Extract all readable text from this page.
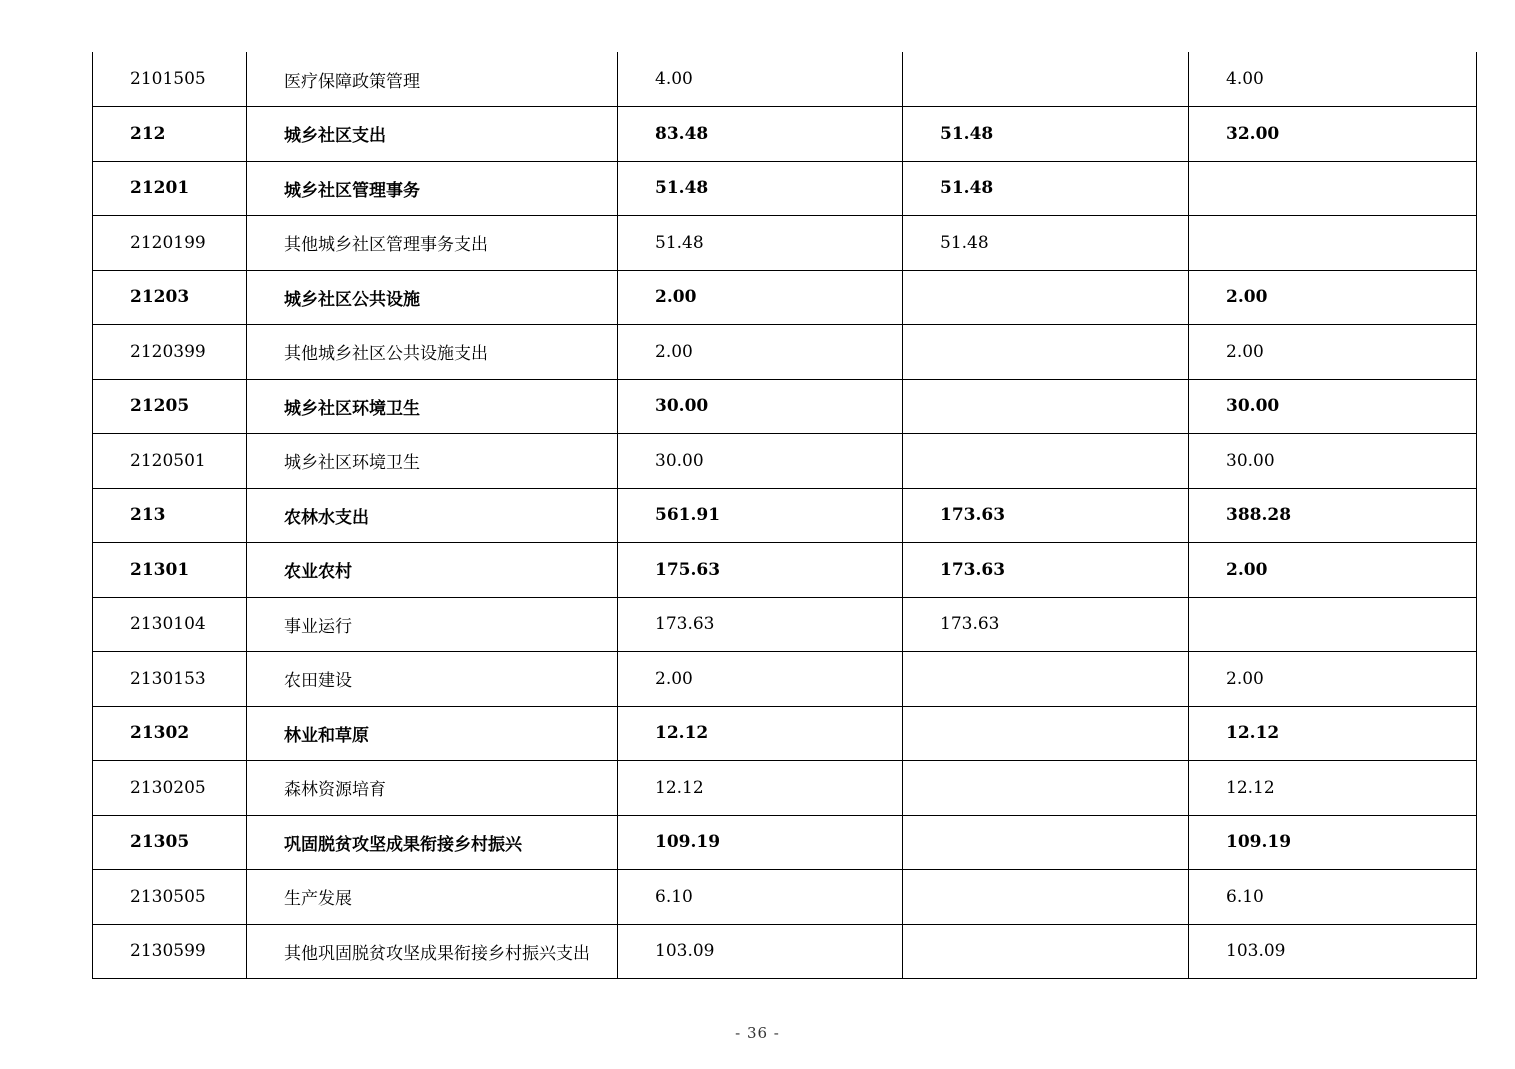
2101505	医疗保障政策管理	4.00		4.00
212	城乡社区支出	83.48	51.48	32.00
21201	城乡社区管理事务	51.48	51.48	
2120199	其他城乡社区管理事务支出	51.48	51.48	
21203	城乡社区公共设施	2.00		2.00
2120399	其他城乡社区公共设施支出	2.00		2.00
21205	城乡社区环境卫生	30.00		30.00
2120501	城乡社区环境卫生	30.00		30.00
213	农林水支出	561.91	173.63	388.28
21301	农业农村	175.63	173.63	2.00
2130104	事业运行	173.63	173.63	
2130153	农田建设	2.00		2.00
21302	林业和草原	12.12		12.12
2130205	森林资源培育	12.12		12.12
21305	巩固脱贫攻坚成果衔接乡村振兴	109.19		109.19
2130505	生产发展	6.10		6.10
2130599	其他巩固脱贫攻坚成果衔接乡村振兴支出	103.09		103.09
- 36 -
